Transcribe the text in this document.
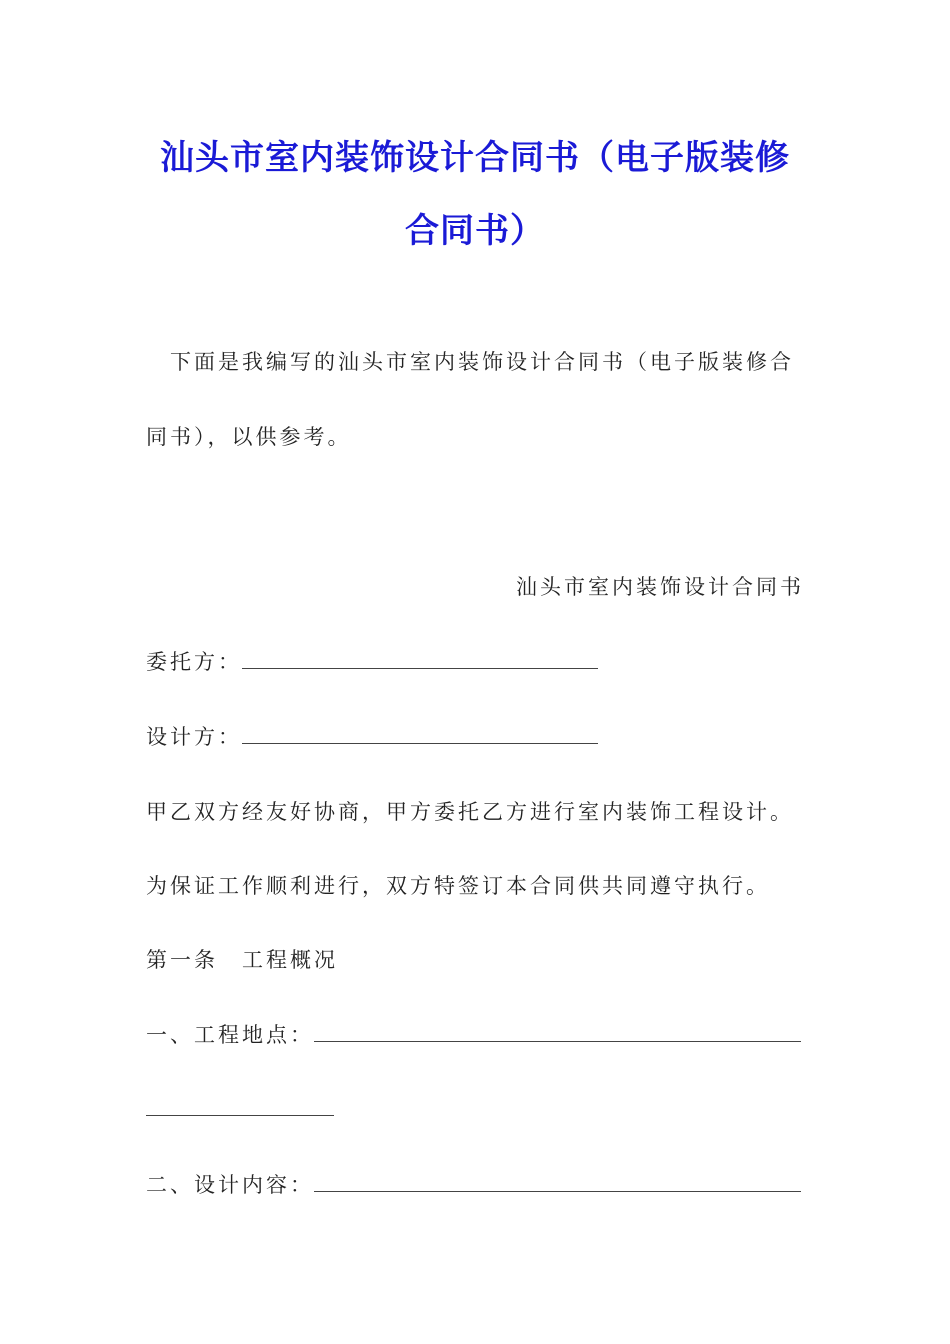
汕头市室内装饰设计合同书（电子版装修
合同书）
下面是我编写的汕头市室内装饰设计合同书（电子版装修合
同书），以供参考。
汕头市室内装饰设计合同书
委托方：
设计方：
甲乙双方经友好协商，甲方委托乙方进行室内装饰工程设计。
为保证工作顺利进行，双方特签订本合同供共同遵守执行。
第一条　工程概况
一、工程地点：
二、设计内容：
